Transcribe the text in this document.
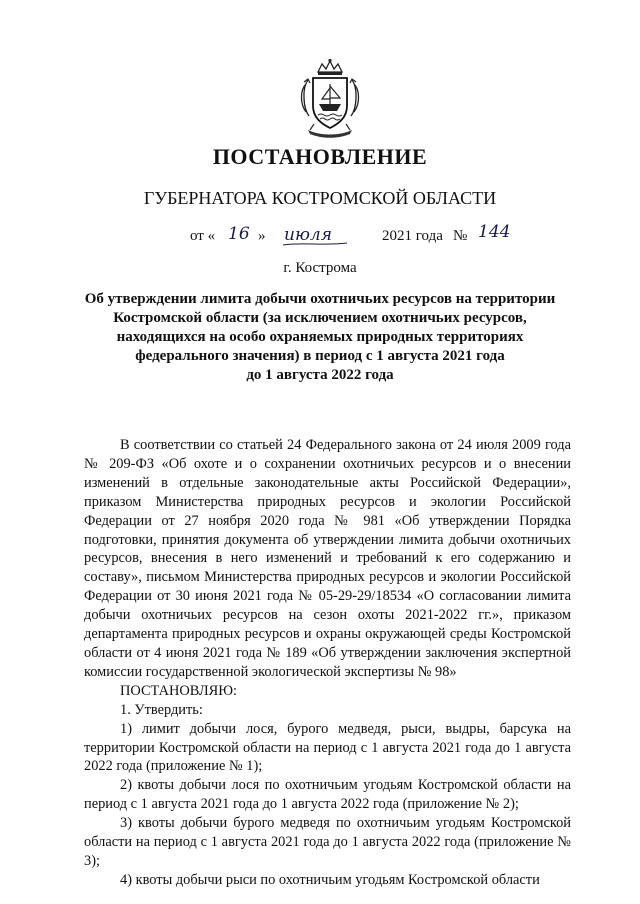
ПОСТАНОВЛЕНИЕ
ГУБЕРНАТОРА КОСТРОМСКОЙ ОБЛАСТИ
от « 16 » июля	2021 года № 144
г. Кострома
Об утверждении лимита добычи охотничьих ресурсов на территории
Костромской области (за исключением охотничьих ресурсов,
находящихся на особо охраняемых природных территориях
федерального значения) в период с 1 августа 2021 года
до 1 августа 2022 года

В соответствии со статьей 24 Федерального закона от 24 июля 2009 года № 209-ФЗ «Об охоте и о сохранении охотничьих ресурсов и о внесении изменений в отдельные законодательные акты Российской Федерации», приказом Министерства природных ресурсов и экологии Российской Федерации от 27 ноября 2020 года № 981 «Об утверждении Порядка подготовки, принятия документа об утверждении лимита добычи охотничьих ресурсов, внесения в него изменений и требований к его содержанию и составу», письмом Министерства природных ресурсов и экологии Российской Федерации от 30 июня 2021 года № 05-29-29/18534 «О согласовании лимита добычи охотничьих ресурсов на сезон охоты 2021-2022 гг.», приказом департамента природных ресурсов и охраны окружающей среды Костромской области от 4 июня 2021 года № 189 «Об утверждении заключения экспертной комиссии государственной экологической экспертизы № 98»

ПОСТАНОВЛЯЮ:

1. Утвердить:

1) лимит добычи лося, бурого медведя, рыси, выдры, барсука на территории Костромской области на период с 1 августа 2021 года до 1 августа 2022 года (приложение № 1);

2) квоты добычи лося по охотничьим угодьям Костромской области на период с 1 августа 2021 года до 1 августа 2022 года (приложение № 2);

3) квоты добычи бурого медведя по охотничьим угодьям Костромской области на период с 1 августа 2021 года до 1 августа 2022 года (приложение № 3);

4) квоты добычи рыси по охотничьим угодьям Костромской области
